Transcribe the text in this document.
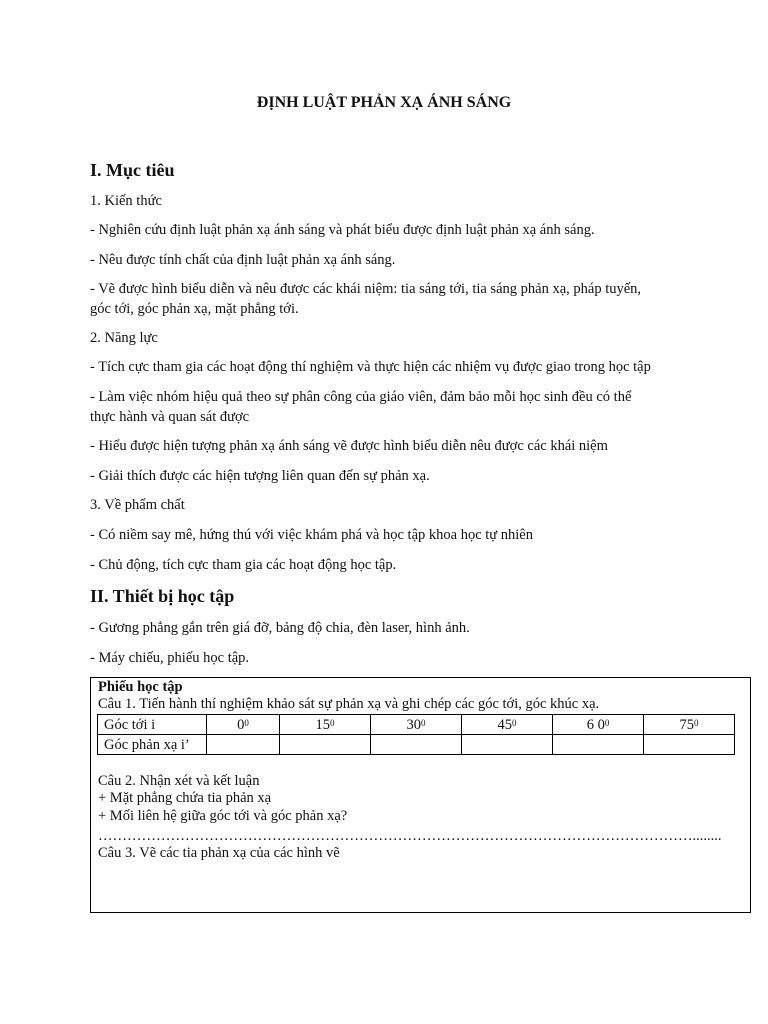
ĐỊNH LUẬT PHẢN XẠ ÁNH SÁNG
I. Mục tiêu
1. Kiến thức
- Nghiên cứu định luật phản xạ ánh sáng và phát biểu được định luật phản xạ ánh sáng.
- Nêu được tính chất của định luật phản xạ ánh sáng.
- Vẽ được hình biểu diễn và nêu được các khái niệm: tia sáng tới, tia sáng phản xạ, pháp tuyến,
góc tới, góc phản xạ, mặt phẳng tới.
2. Năng lực
- Tích cực tham gia các hoạt động thí nghiệm và thực hiện các nhiệm vụ được giao trong học tập
- Làm việc nhóm hiệu quả theo sự phân công của giáo viên, đảm bảo mỗi học sinh đều có thể
thực hành và quan sát được
- Hiểu được hiện tượng phản xạ ánh sáng vẽ được hình biểu diễn nêu được các khái niệm
- Giải thích được các hiện tượng liên quan đến sự phản xạ.
3. Về phẩm chất
- Có niềm say mê, hứng thú với việc khám phá và học tập khoa học tự nhiên
- Chủ động, tích cực tham gia các hoạt động học tập.
II. Thiết bị học tập
- Gương phẳng gắn trên giá đỡ, bảng độ chia, đèn laser, hình ảnh.
- Máy chiếu, phiếu học tập.
Phiếu học tập
Câu 1. Tiến hành thí nghiệm khảo sát sự phản xạ và ghi chép các góc tới, góc khúc xạ.
Góc tới i	$0^0$	$15^0$	$30^0$	$45^0$	6 $0^0$	$75^0$
Góc phản xạ i’						
Câu 2. Nhận xét và kết luận
+ Mặt phẳng chứa tia phản xạ
+ Mối liên hệ giữa góc tới và góc phản xạ?
……………………………………………………………………………………………………………........
Câu 3. Vẽ các tia phản xạ của các hình vẽ
